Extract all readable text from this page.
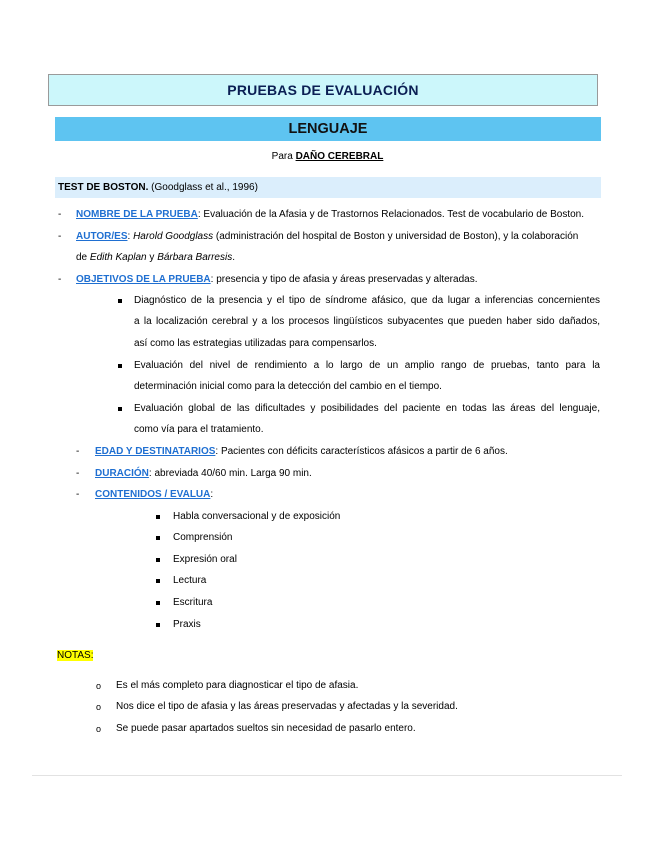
PRUEBAS DE EVALUACIÓN
LENGUAJE
Para DAÑO CEREBRAL
TEST DE BOSTON.
(Goodglass et al., 1996)
- NOMBRE DE LA PRUEBA: Evaluación de la Afasia y de Trastornos Relacionados. Test de vocabulario de Boston.
- AUTOR/ES: Harold Goodglass (administración del hospital de Boston y universidad de Boston), y la colaboración
de Edith Kaplan y Bárbara Barresis.
- OBJETIVOS DE LA PRUEBA: presencia y tipo de afasia y áreas preservadas y alteradas.
Diagnóstico de la presencia y el tipo de síndrome afásico, que da lugar a inferencias concernientes
a la localización cerebral y a los procesos lingüísticos subyacentes que pueden haber sido dañados,
así como las estrategias utilizadas para compensarlos.
Evaluación del nivel de rendimiento a lo largo de un amplio rango de pruebas, tanto para la
determinación inicial como para la detección del cambio en el tiempo.
Evaluación global de las dificultades y posibilidades del paciente en todas las áreas del lenguaje,
como vía para el tratamiento.
- EDAD Y DESTINATARIOS: Pacientes con déficits característicos afásicos a partir de 6 años.
- DURACIÓN: abreviada 40/60 min. Larga 90 min.
- CONTENIDOS / EVALUA:
Habla conversacional y de exposición
Comprensión
Expresión oral
Lectura
Escritura
Praxis
NOTAS:
o Es el más completo para diagnosticar el tipo de afasia.
o Nos dice el tipo de afasia y las áreas preservadas y afectadas y la severidad.
o Se puede pasar apartados sueltos sin necesidad de pasarlo entero.
